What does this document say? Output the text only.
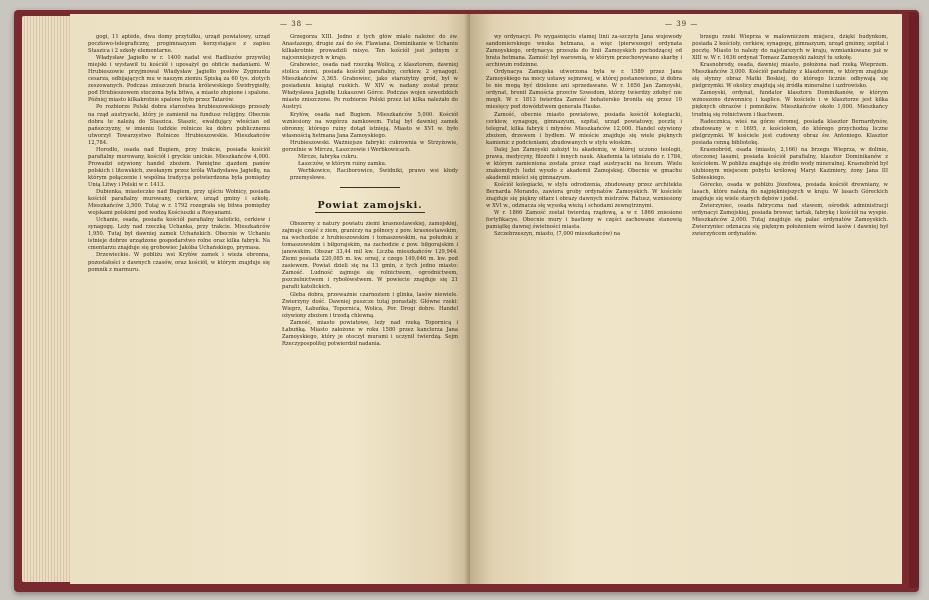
— 38 —

gogi, 11 aptéde, dwa domy przytułku, urząd powiatowy, urząd pocztowo-telegraficzny, progimnazyum korzystające z zapisu Staszica i 2 szkoły elementarne.

Władysław Jagiełło w r. 1400 nadał wsi Radliszów przywilej miejski i wystawił tu kościół i uposażył go obficie nadaniami. W Hrubieszowie przyjmował Władysław Jagiełło posłów Zygmunta cesarza, odbijających mu w naszym ziemiu Spiską za 60 tys. złotych zeszowanych. Podczas zniszczeń bracia królewskiego Świdrygiełły, pod Hrubieszowem stoczona była bitwa, a miasto złupione i spalone. Później miasto kilkakrotnie spalone było przez Tatarów.

Po rozbiorze Polski dobra starostwa hrubieszowskiego przeszły na rząd austryacki, który je zamienił na fundusz religijny. Obecnie dobra te należą do Staszica. Staszic, ewaldujący włościan od pańszczyzny, w imieniu ludzkie rolnicze ku dobru publicznemu utworzył Towarzystwo Rolnicze Hrubieszowskie. Mieszkańców 12,784.

Horodło, osada nad Bugiem, przy trakcie, posiada kościół parafialny murowany, kościół i gryckie unickie. Mieszkańców 4,000. Prowadzi ożywiony handel zbożem. Pamiętne zjazdem panów polskich i litewskich, zwołanym przez króla Władysława Jagiełłę, na którym połączenie i wspólna tradycya potwierdzona była pomiędzy Unią Litwy i Polski w r. 1413.

Dubienka, miasteczko nad Bugiem, przy ujściu Wołnicy, posiada kościół parafialny murowany, cerkiew, urząd gminy i szkołę. Mieszkańców 3,500. Tutaj w r. 1792 rozegrała się bitwa pomiędzy wojskami polskimi pod wodzą Kościuszki a Rosyanami.

Uchanie, osada, posiada kościół parafialny katolicki, cerkiew i synagogę. Leży nad rzeczką Uchanka, przy trakcie. Mieszkańców 1,950. Tutaj był dawniej zamek Uchańskich. Obecnie w Uchaniu istnieje dobrze urządzone gospodarstwo rolne oraz kilka fabryk. Na cmentarzu znajduje się grobowiec Jakóba Uchańskiego, prymasa.

Drzewieckie. W pobliżu wsi Kryłów zamek i wieża obronna, pozostałości z dawnych czasów, oraz kościół, w którym znajduje się pomnik z marmuru.

Grzegorza XIII. Jedno z tych głów miało należeć do św. Anastazego, drugie zaś do św. Flawiana. Dominikanie w Uchaniu kilkakrotnie prowadzili misye. Ten kościół jest jednym z najcenniejszych w kraju.

Grabowiec, osada nad rzeczką Wolicą, z klasztorem, dawniej stolica ziemi, posiada kościół parafialny, cerkiew, 2 synagogi. Mieszkańców 3,365. Grabowiec, jako starożytny gród, był w posiadaniu książąt ruskich. W XIV w. nadany został przez Władysława Jagiełłę Łukaszowi Górce. Podczas wojen szwedzkich miasto zniszczone. Po rozbiorze Polski przez lat kilka należało do Austryi.

Kryłów, osada nad Bugiem. Mieszkańców 5,000. Kościół wzniesiony na wzgórzu zamkowem. Tutaj był dawniej zamek obronny, którego ruiny dotąd istnieją. Miasto w XVI w. było własnością hetmana Jana Zamoyskiego.

Hrubieszowski. Ważniejsze fabryki: cukrownia w Strzyżowie, gorzelnie w Mirczu, Łaszczowie i Werbkowicach.

Mircze, fabryka cukru.

Łaszczów, w którym ruiny zamku.

Werbkowice, Raciborowice, Świdniki, prawo wsi kłody przemysłowe.

Powiat zamojski.

Obszerny z natury powiatu ziemi krasnostawskiej, zamojskiej, zajmuje część z ziem, graniczy na północy z pow. krasnostawskim, na wschodzie z hrubieszowskim i tomaszowskim, na południu z tomaszowskim i biłgorajskim, na zachodzie z pow. biłgorajskim i janowskim. Obszar 33,44 mil kw. Liczba mieszkańców 129,944. Ziemi posiada 220,085 m. kw. ornej, z czego 149,646 m. kw. pod zasiewem. Powiat dzieli się na 13 gmin, z tych jedno miasto: Zamość. Ludność zajmuje się rolnictwem, ogrodnictwem, pszczelnictwem i rybołówstwem. W powiecie znajduje się 21 parafii katolickich.

Gleba dobra, przeważnie czarnoziem i glinka, lasów niewiele. Zwierzyny dość. Dawniej puszcze tutaj porastały. Główne rzeki: Wieprz, Łabuńka, Topornica, Wolica, Por. Drogi dobre. Handel ożywiony zbożem i trzodą chlewną.

Zamość, miasto powiatowe, leży nad rzeką Topornicą i Łabuńką. Miasto założone w roku 1580 przez kanclerza Jana Zamoyskiego, który je otoczył murami i uczynił twierdzą. Sejm Rzeczypospolitej potwierdził nadania.

— 39 —

wy ordynacyi. Po wygaśnięciu stamej linii za-szczytu Jana wojewody sandomierskiego wnuka hetmana, a więc (pierwszego) ordynata Zamoyskiego, ordynacya przeszła do linii Zamoyskich pochodzącej od brata hetmana. Zamość był warownią, w którym przechowywano skarby i archiwum rodzinne.

Ordynacya Zamojska utworzona była w r. 1589 przez Jana Zamoyskiego na mocy ustawy sejmowej, w której postanowiono, iż dobra te nie mogą być dzielone ani sprzedawane. W r. 1656 Jan Zamoyski, ordynat, bronił Zamościa przeciw Szwedom, którzy twierdzy zdobyć nie mogli. W r. 1813 twierdza Zamość bohatersko broniła się przez 10 miesięcy pod dowództwem generała Hauke.

Zamość, obecnie miasto powiatowe, posiada kościół kolegiacki, cerkiew, synagogę, gimnazyum, szpital, urząd powiatowy, pocztę i telegraf, kilka fabryk i młynów. Mieszkańców 12,000. Handel ożywiony zbożem, drzewem i bydłem. W mieście znajduje się wiele pięknych kamienic z podcieniami, zbudowanych w stylu włoskim.

Dalej Jan Zamoyski założył tu akademię, w której uczono teologii, prawa, medycyny, filozofii i innych nauk. Akademia ta istniała do r. 1784, w którym zamieniona została przez rząd austryacki na liceum. Wielu znakomitych ludzi wyszło z akademii Zamojskiej. Obecnie w gmachu akademii mieści się gimnazyum.

Kościół kolegiacki, w stylu odrodzenia, zbudowany przez architekta Bernarda Morando, zawiera groby ordynatów Zamoyskich. W kościele znajduje się piękny ołtarz i obrazy dawnych mistrzów. Ratusz, wzniesiony w XVI w., odznacza się wysoką wieżą i schodami zewnętrznymi.

W r. 1866 Zamość został twierdzą rządową, a w r. 1866 zniesiono fortyfikacye. Obecnie mury i bastiony w części zachowane stanowią pamiątkę dawnej świetności miasta.

Szczebrzeszyn, miasto, (7,000 mieszkańców) na

brzegu rzeki Wieprza w malowniczem miejscu, dzięki budynkom, posiada 2 kościoły, cerkiew, synagogę, gimnazyum, urząd gminny, szpital i pocztę. Miasto to należy do najstarszych w kraju, wzmiankowane już w XIII w. W r. 1636 ordynat Tomasz Zamoyski założył tu szkołę.

Krasnobrody, osada, dawniej miasto, położona nad rzeką Wieprzem. Mieszkańców 3,000. Kościół parafialny z klasztorem, w którym znajduje się słynny obraz Matki Boskiej, do którego licznie odbywają się pielgrzymki. W okolicy znajdują się źródła mineralne i uzdrowisko.

Zamoyski, ordynat, fundator klasztoru Dominikanów, w którym wznoszono dzwonnicę i kaplice. W kościele i w klasztorze jest kilka pięknych obrazów i pomników. Mieszkańców około 1,000. Mieszkańcy trudnią się rolnictwem i tkactwem.

Radecznica, wieś na górze stromej, posiada klasztor Bernardynów, zbudowany w r. 1695, z kościołem, do którego przychodzą liczne pielgrzymki. W kościele jest cudowny obraz św. Antoniego. Klasztor posiada cenną bibliotekę.

Krasnobród, osada (miasto, 2,166) na brzegu Wieprza, w dolinie, otoczonej lasami, posiada kościół parafialny, klasztor Dominikanów z kościołem. W pobliżu znajduje się źródło wody mineralnej. Krasnobród był ulubionym miejscem pobytu królowej Maryi Kazimiery, żony Jana III Sobieskiego.

Górecko, osada w pobliżu Józefowa, posiada kościół drewniany, w lasach, które należą do najpiękniejszych w kraju. W lasach Góreckich znajduje się wiele starych dębów i jodeł.

Zwierzyniec, osada fabryczna nad stawem, ośrodek administracji ordynacyi Zamojskiej, posiada browar, tartak, fabrykę i kościół na wyspie. Mieszkańców 2,000. Tutaj znajduje się pałac ordynatów Zamoyskich. Zwierzyniec odznacza się pięknym położeniem wśród lasów i dawniej był zwierzyńcem ordynatów.
